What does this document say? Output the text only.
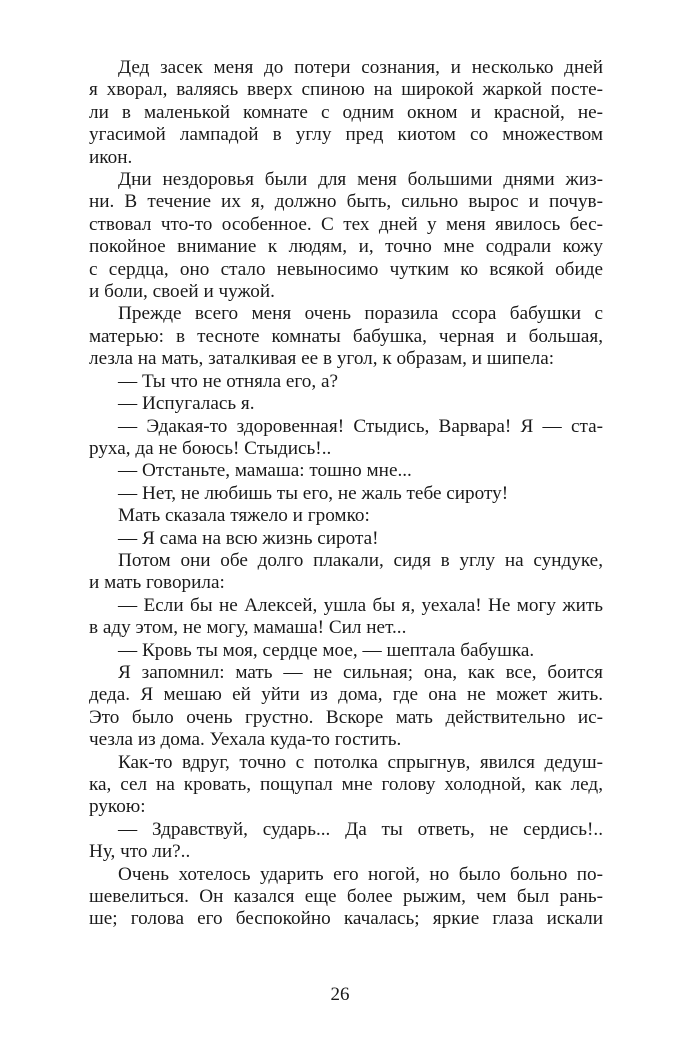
Дед засек меня до потери сознания, и несколько дней
я хворал, валяясь вверх спиною на широкой жаркой посте-
ли в маленькой комнате с одним окном и красной, не-
угасимой лампадой в углу пред киотом со множеством
икон.
Дни нездоровья были для меня большими днями жиз-
ни. В течение их я, должно быть, сильно вырос и почув-
ствовал что-то особенное. С тех дней у меня явилось бес-
покойное внимание к людям, и, точно мне содрали кожу
с сердца, оно стало невыносимо чутким ко всякой обиде
и боли, своей и чужой.
Прежде всего меня очень поразила ссора бабушки с
матерью: в тесноте комнаты бабушка, черная и большая,
лезла на мать, заталкивая ее в угол, к образам, и шипела:
— Ты что не отняла его, а?
— Испугалась я.
— Эдакая-то здоровенная! Стыдись, Варвара! Я — ста-
руха, да не боюсь! Стыдись!..
— Отстаньте, мамаша: тошно мне...
— Нет, не любишь ты его, не жаль тебе сироту!
Мать сказала тяжело и громко:
— Я сама на всю жизнь сирота!
Потом они обе долго плакали, сидя в углу на сундуке,
и мать говорила:
— Если бы не Алексей, ушла бы я, уехала! Не могу жить
в аду этом, не могу, мамаша! Сил нет...
— Кровь ты моя, сердце мое, — шептала бабушка.
Я запомнил: мать — не сильная; она, как все, боится
деда. Я мешаю ей уйти из дома, где она не может жить.
Это было очень грустно. Вскоре мать действительно ис-
чезла из дома. Уехала куда-то гостить.
Как-то вдруг, точно с потолка спрыгнув, явился дедуш-
ка, сел на кровать, пощупал мне голову холодной, как лед,
рукою:
— Здравствуй, сударь... Да ты ответь, не сердись!..
Ну, что ли?..
Очень хотелось ударить его ногой, но было больно по-
шевелиться. Он казался еще более рыжим, чем был рань-
ше; голова его беспокойно качалась; яркие глаза искали
26
